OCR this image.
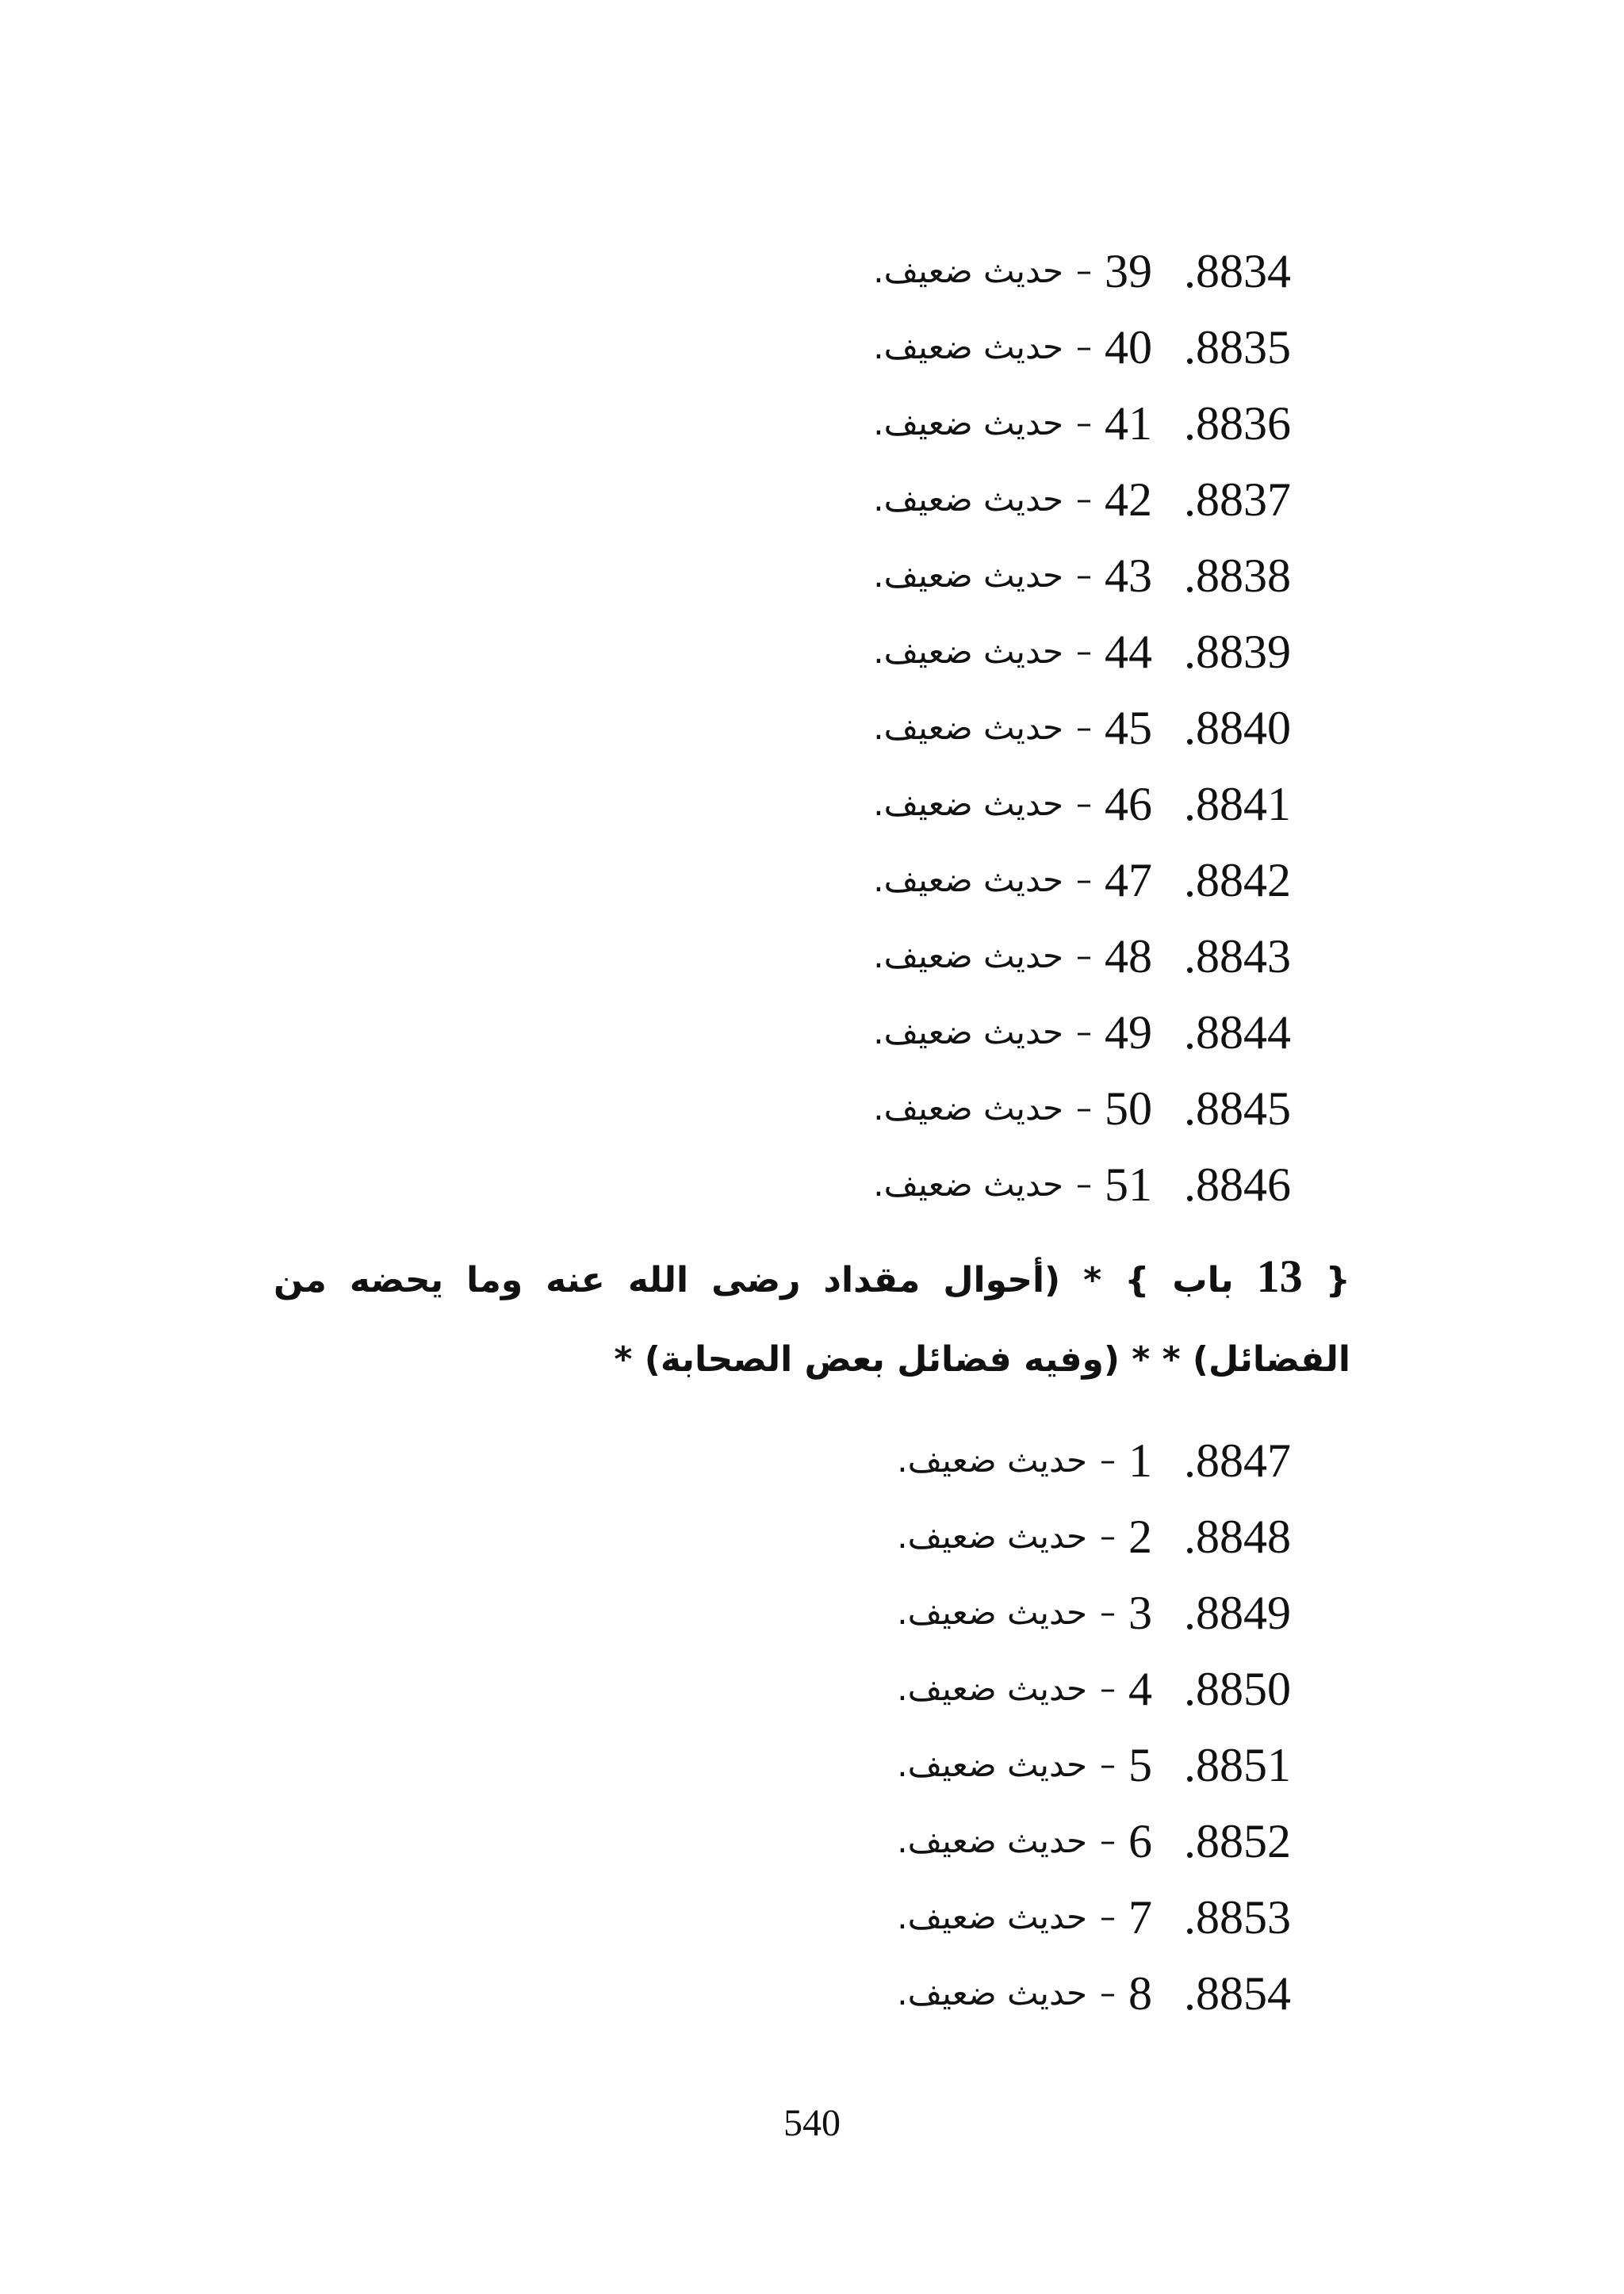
8834.39–حديث ضعيف.
8835.40–حديث ضعيف.
8836.41–حديث ضعيف.
8837.42–حديث ضعيف.
8838.43–حديث ضعيف.
8839.44–حديث ضعيف.
8840.45–حديث ضعيف.
8841.46–حديث ضعيف.
8842.47–حديث ضعيف.
8843.48–حديث ضعيف.
8844.49–حديث ضعيف.
8845.50–حديث ضعيف.
8846.51–حديث ضعيف.
{ 13 باب } * (أحوال مقداد رضى الله عنه وما يحضه من الفضائل) * * (وفيه فضائل بعض الصحابة) *
8847.1–حديث ضعيف.
8848.2–حديث ضعيف.
8849.3–حديث ضعيف.
8850.4–حديث ضعيف.
8851.5–حديث ضعيف.
8852.6–حديث ضعيف.
8853.7–حديث ضعيف.
8854.8–حديث ضعيف.
540
